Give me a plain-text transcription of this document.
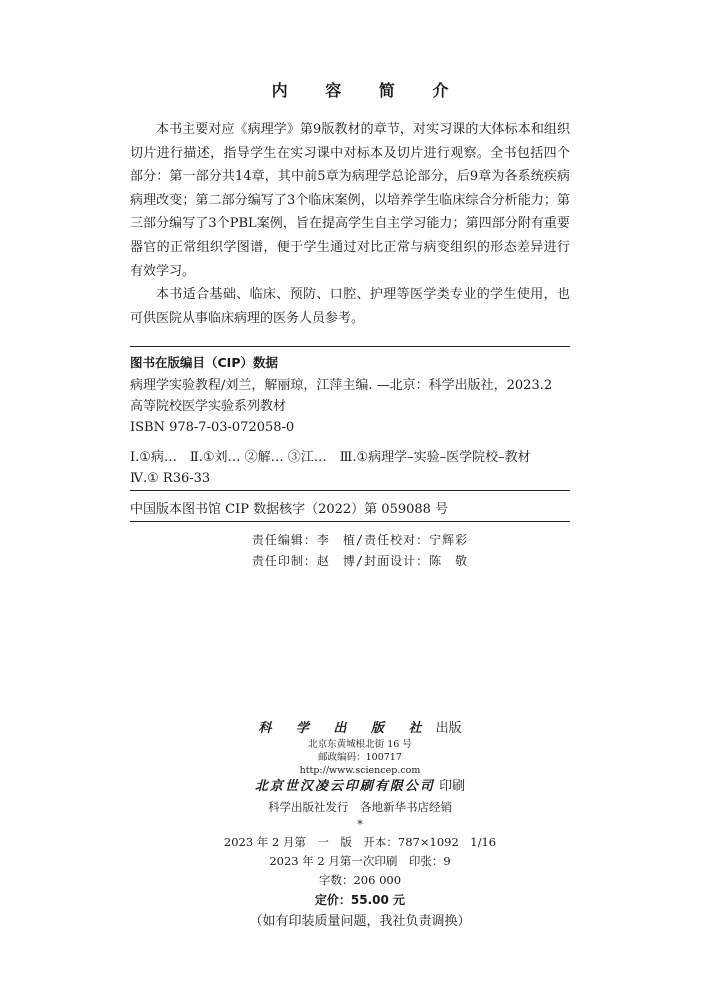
内 容 简 介

本书主要对应《病理学》第9版教材的章节，对实习课的大体标本和组织切片进行描述，指导学生在实习课中对标本及切片进行观察。全书包括四个部分：第一部分共14章，其中前5章为病理学总论部分，后9章为各系统疾病病理改变；第二部分编写了3个临床案例，以培养学生临床综合分析能力；第三部分编写了3个PBL案例，旨在提高学生自主学习能力；第四部分附有重要器官的正常组织学图谱，便于学生通过对比正常与病变组织的形态差异进行有效学习。

本书适合基础、临床、预防、口腔、护理等医学类专业的学生使用，也可供医院从事临床病理的医务人员参考。

图书在版编目（CIP）数据
病理学实验教程/刘兰，解丽琼，江萍主编. —北京：科学出版社，2023.2
高等院校医学实验系列教材
ISBN 978-7-03-072058-0
Ⅰ.①病…　Ⅱ.①刘… ②解… ③江…　Ⅲ.①病理学–实验–医学院校–教材
Ⅳ.① R36-33
中国版本图书馆 CIP 数据核字（2022）第 059088 号
责任编辑：李　植/责任校对：宁辉彩
责任印制：赵　博/封面设计：陈　敬
科 学 出 版 社 出版
北京东黄城根北街 16 号
邮政编码：100717
http://www.sciencep.com
北京世汉凌云印刷有限公司 印刷
科学出版社发行　各地新华书店经销
*
2023 年 2 月第　一　版　开本：787×1092　1/16
2023 年 2 月第一次印刷　印张：9
字数：206 000
定价：55.00 元
（如有印装质量问题，我社负责调换）
